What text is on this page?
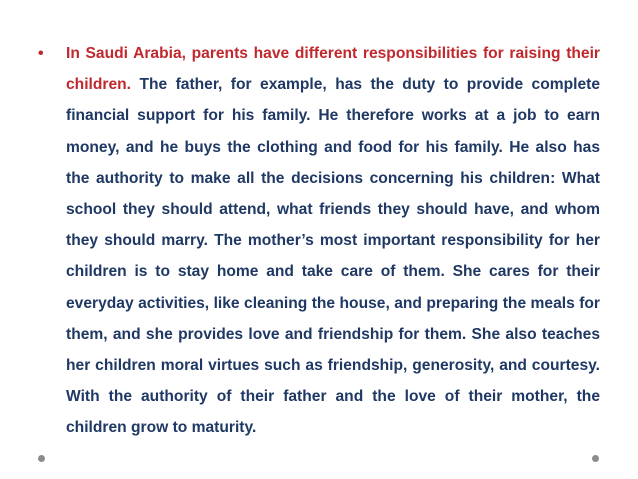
•	In Saudi Arabia, parents have different responsibilities for raising their children. The father, for example, has the duty to provide complete financial support for his family. He therefore works at a job to earn money, and he buys the clothing and food for his family. He also has the authority to make all the decisions concerning his children: What school they should attend, what friends they should have, and whom they should marry. The mother’s most important responsibility for her children is to stay home and take care of them. She cares for their everyday activities, like cleaning the house, and preparing the meals for them, and she provides love and friendship for them. She also teaches her children moral virtues such as friendship, generosity, and courtesy. With the authority of their father and the love of their mother, the children grow to maturity.
